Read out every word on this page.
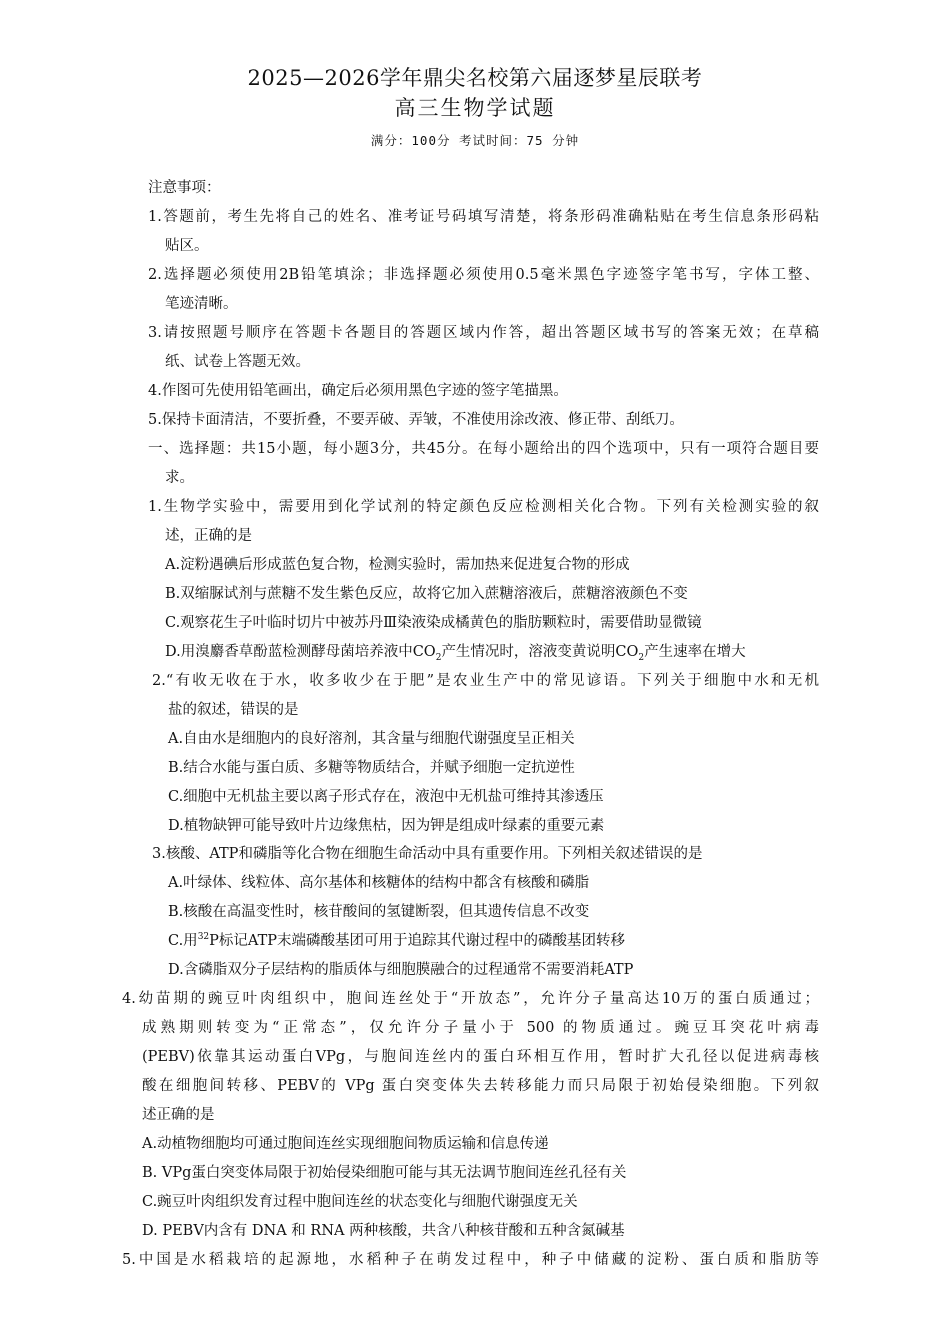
2025—2026学年鼎尖名校第六届逐梦星辰联考
高三生物学试题
满分：100分 考试时间：75 分钟
注意事项：
1.答题前，考生先将自己的姓名、准考证号码填写清楚，将条形码准确粘贴在考生信息条形码粘
贴区。
2.选择题必须使用2B铅笔填涂；非选择题必须使用0.5毫米黑色字迹签字笔书写，字体工整、
笔迹清晰。
3.请按照题号顺序在答题卡各题目的答题区域内作答，超出答题区域书写的答案无效；在草稿
纸、试卷上答题无效。
4.作图可先使用铅笔画出，确定后必须用黑色字迹的签字笔描黑。
5.保持卡面清洁，不要折叠，不要弄破、弄皱，不准使用涂改液、修正带、刮纸刀。
一、选择题：共15小题，每小题3分，共45分。在每小题给出的四个选项中，只有一项符合题目要
求。
1.生物学实验中，需要用到化学试剂的特定颜色反应检测相关化合物。下列有关检测实验的叙
述，正确的是
A.淀粉遇碘后形成蓝色复合物，检测实验时，需加热来促进复合物的形成
B.双缩脲试剂与蔗糖不发生紫色反应，故将它加入蔗糖溶液后，蔗糖溶液颜色不变
C.观察花生子叶临时切片中被苏丹Ⅲ染液染成橘黄色的脂肪颗粒时，需要借助显微镜
D.用溴麝香草酚蓝检测酵母菌培养液中$CO_2$产生情况时，溶液变黄说明$CO_2$产生速率在增大
2.“有收无收在于水，收多收少在于肥”是农业生产中的常见谚语。下列关于细胞中水和无机
盐的叙述，错误的是
A.自由水是细胞内的良好溶剂，其含量与细胞代谢强度呈正相关
B.结合水能与蛋白质、多糖等物质结合，并赋予细胞一定抗逆性
C.细胞中无机盐主要以离子形式存在，液泡中无机盐可维持其渗透压
D.植物缺钾可能导致叶片边缘焦枯，因为钾是组成叶绿素的重要元素
3.核酸、ATP和磷脂等化合物在细胞生命活动中具有重要作用。下列相关叙述错误的是
A.叶绿体、线粒体、高尔基体和核糖体的结构中都含有核酸和磷脂
B.核酸在高温变性时，核苷酸间的氢键断裂，但其遗传信息不改变
C.用$^{32}$P标记ATP末端磷酸基团可用于追踪其代谢过程中的磷酸基团转移
D.含磷脂双分子层结构的脂质体与细胞膜融合的过程通常不需要消耗ATP
4.幼苗期的豌豆叶肉组织中，胞间连丝处于“开放态”，允许分子量高达10万的蛋白质通过；
成熟期则转变为“正常态”，仅允许分子量小于 500 的物质通过。豌豆耳突花叶病毒
(PEBV)依靠其运动蛋白VPg，与胞间连丝内的蛋白环相互作用，暂时扩大孔径以促进病毒核
酸在细胞间转移、PEBV的 VPg 蛋白突变体失去转移能力而只局限于初始侵染细胞。下列叙
述正确的是
A.动植物细胞均可通过胞间连丝实现细胞间物质运输和信息传递
B. VPg蛋白突变体局限于初始侵染细胞可能与其无法调节胞间连丝孔径有关
C.豌豆叶肉组织发育过程中胞间连丝的状态变化与细胞代谢强度无关
D. PEBV内含有 DNA 和 RNA 两种核酸，共含八种核苷酸和五种含氮碱基
5.中国是水稻栽培的起源地，水稻种子在萌发过程中，种子中储藏的淀粉、蛋白质和脂肪等
